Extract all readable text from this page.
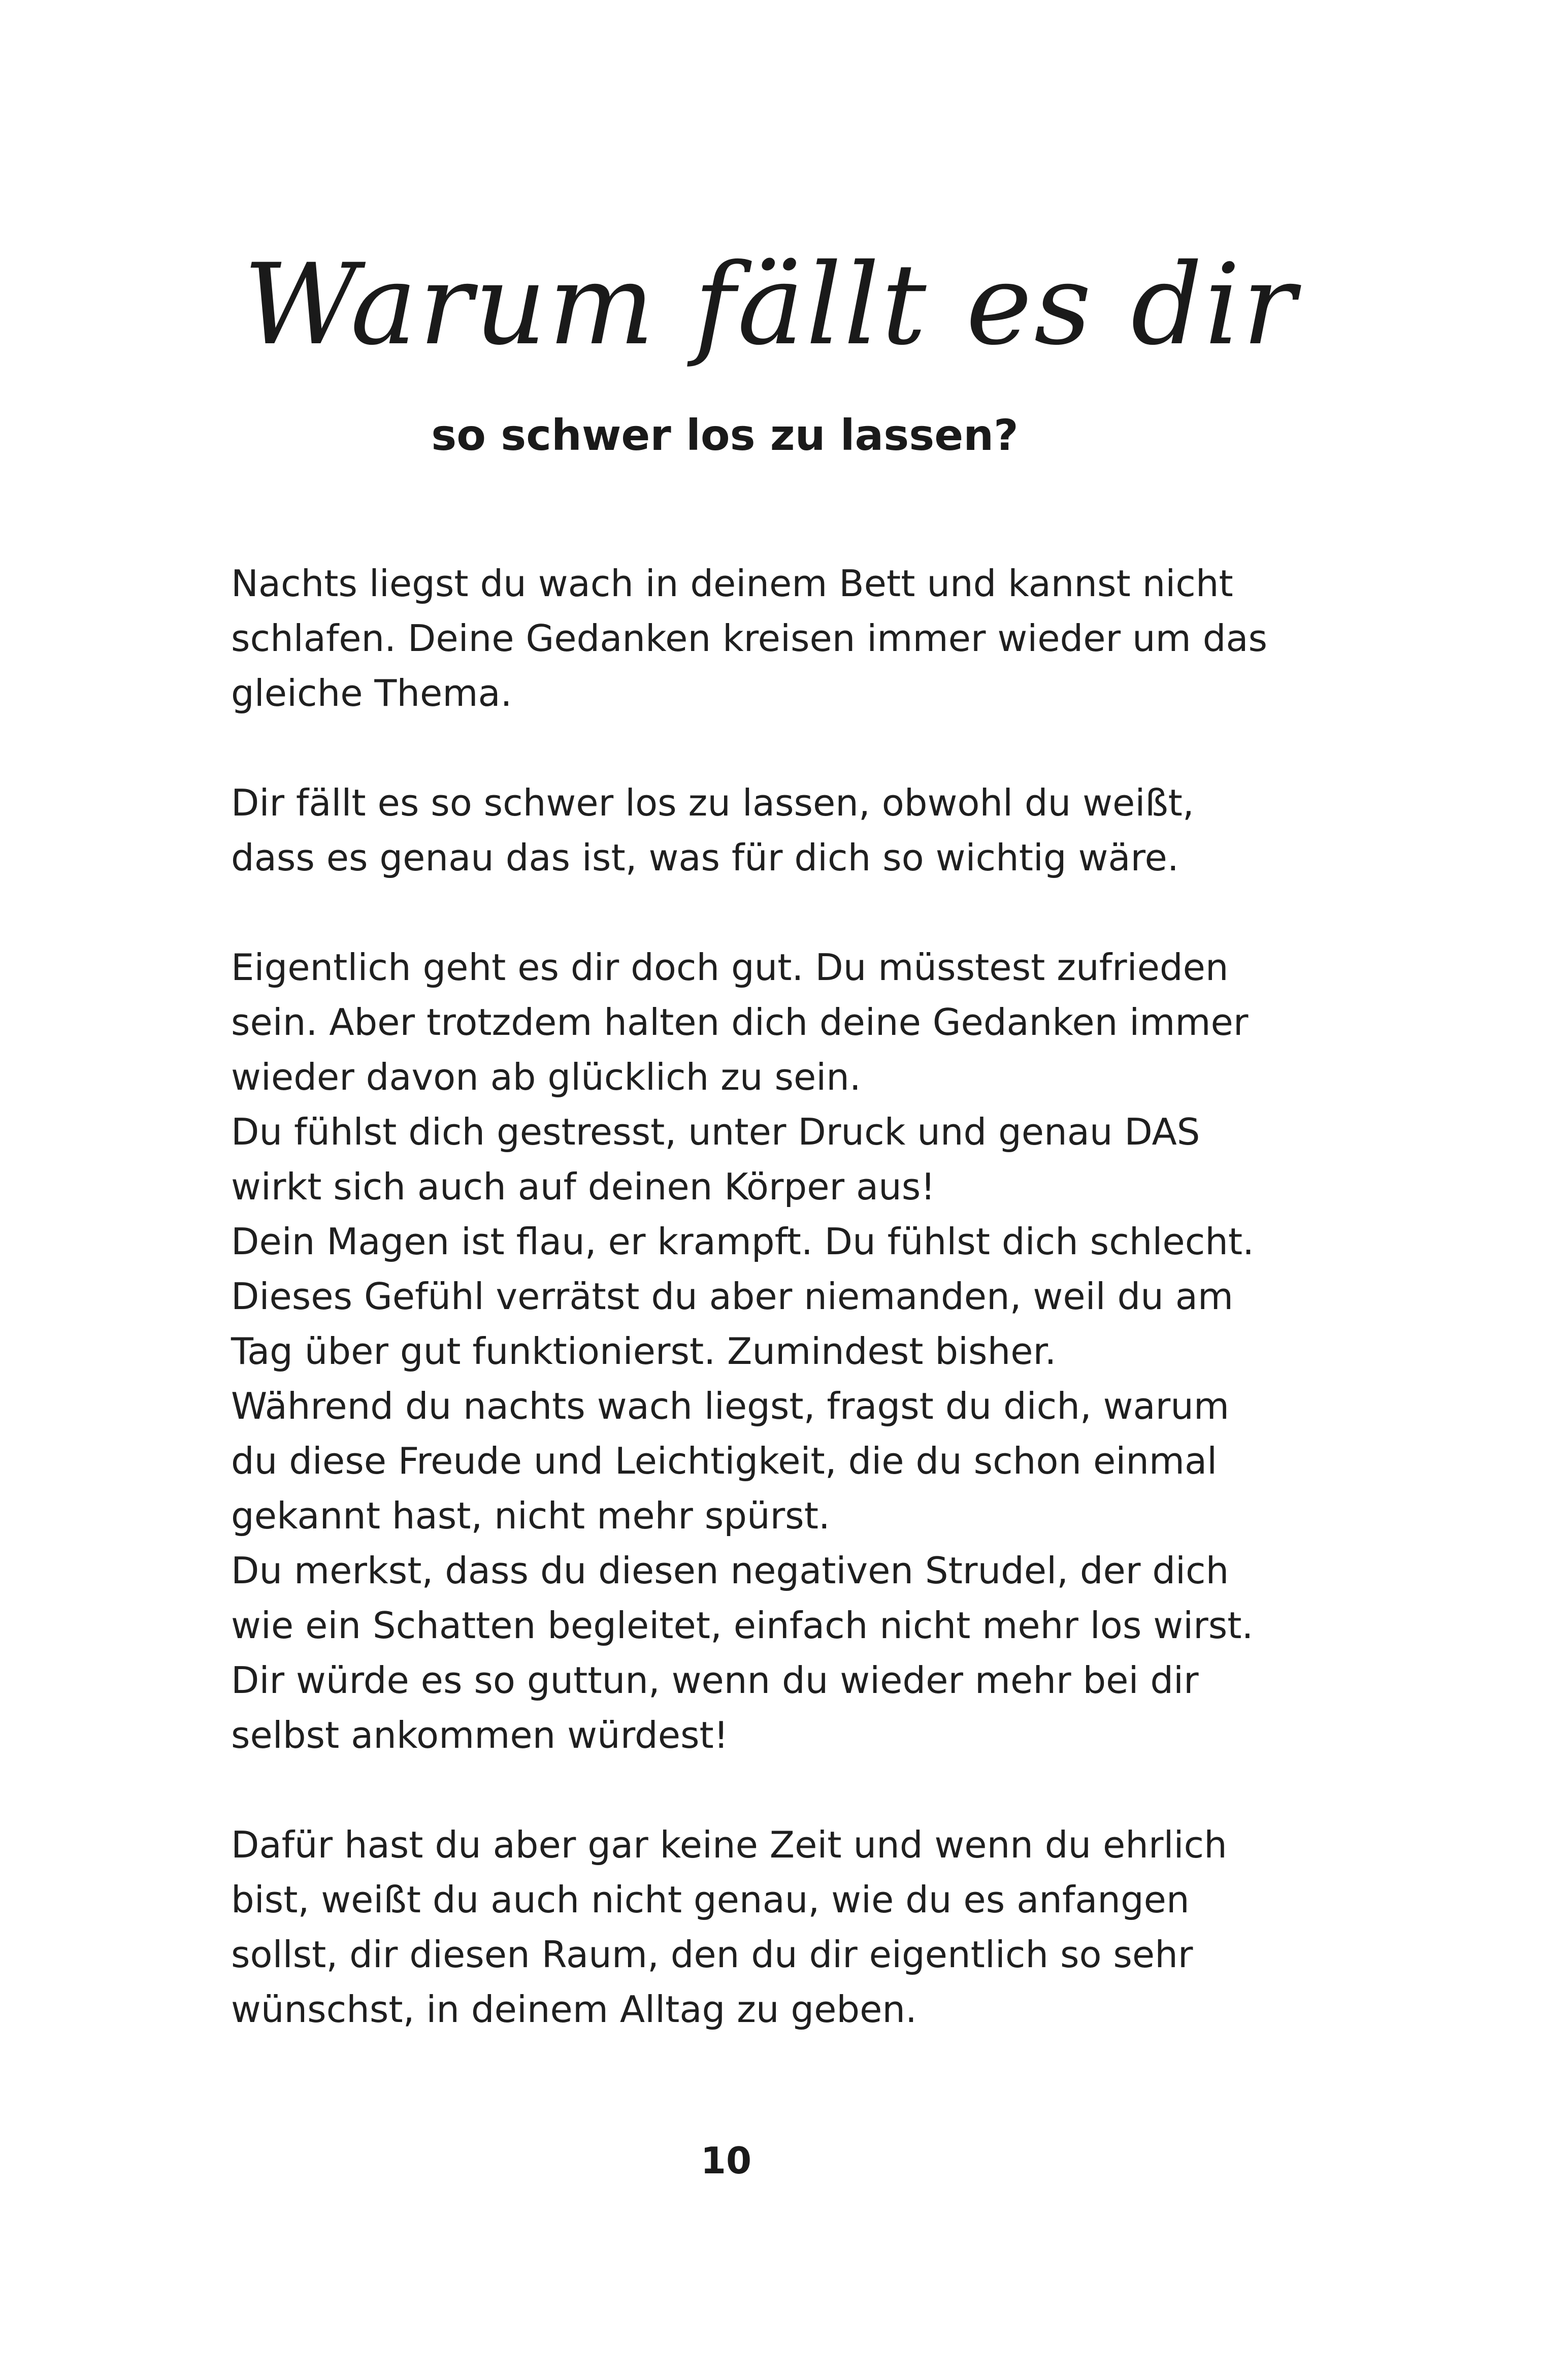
Warum fällt es dir
so schwer los zu lassen?
Nachts liegst du wach in deinem Bett und kannst nicht
schlafen. Deine Gedanken kreisen immer wieder um das
gleiche Thema.
Dir fällt es so schwer los zu lassen, obwohl du weißt,
dass es genau das ist, was für dich so wichtig wäre.
Eigentlich geht es dir doch gut. Du müsstest zufrieden
sein. Aber trotzdem halten dich deine Gedanken immer
wieder davon ab glücklich zu sein.
Du fühlst dich gestresst, unter Druck und genau DAS
wirkt sich auch auf deinen Körper aus!
Dein Magen ist flau, er krampft. Du fühlst dich schlecht.
Dieses Gefühl verrätst du aber niemanden, weil du am
Tag über gut funktionierst. Zumindest bisher.
Während du nachts wach liegst, fragst du dich, warum
du diese Freude und Leichtigkeit, die du schon einmal
gekannt hast, nicht mehr spürst.
Du merkst, dass du diesen negativen Strudel, der dich
wie ein Schatten begleitet, einfach nicht mehr los wirst.
Dir würde es so guttun, wenn du wieder mehr bei dir
selbst ankommen würdest!
Dafür hast du aber gar keine Zeit und wenn du ehrlich
bist, weißt du auch nicht genau, wie du es anfangen
sollst, dir diesen Raum, den du dir eigentlich so sehr
wünschst, in deinem Alltag zu geben.
10
